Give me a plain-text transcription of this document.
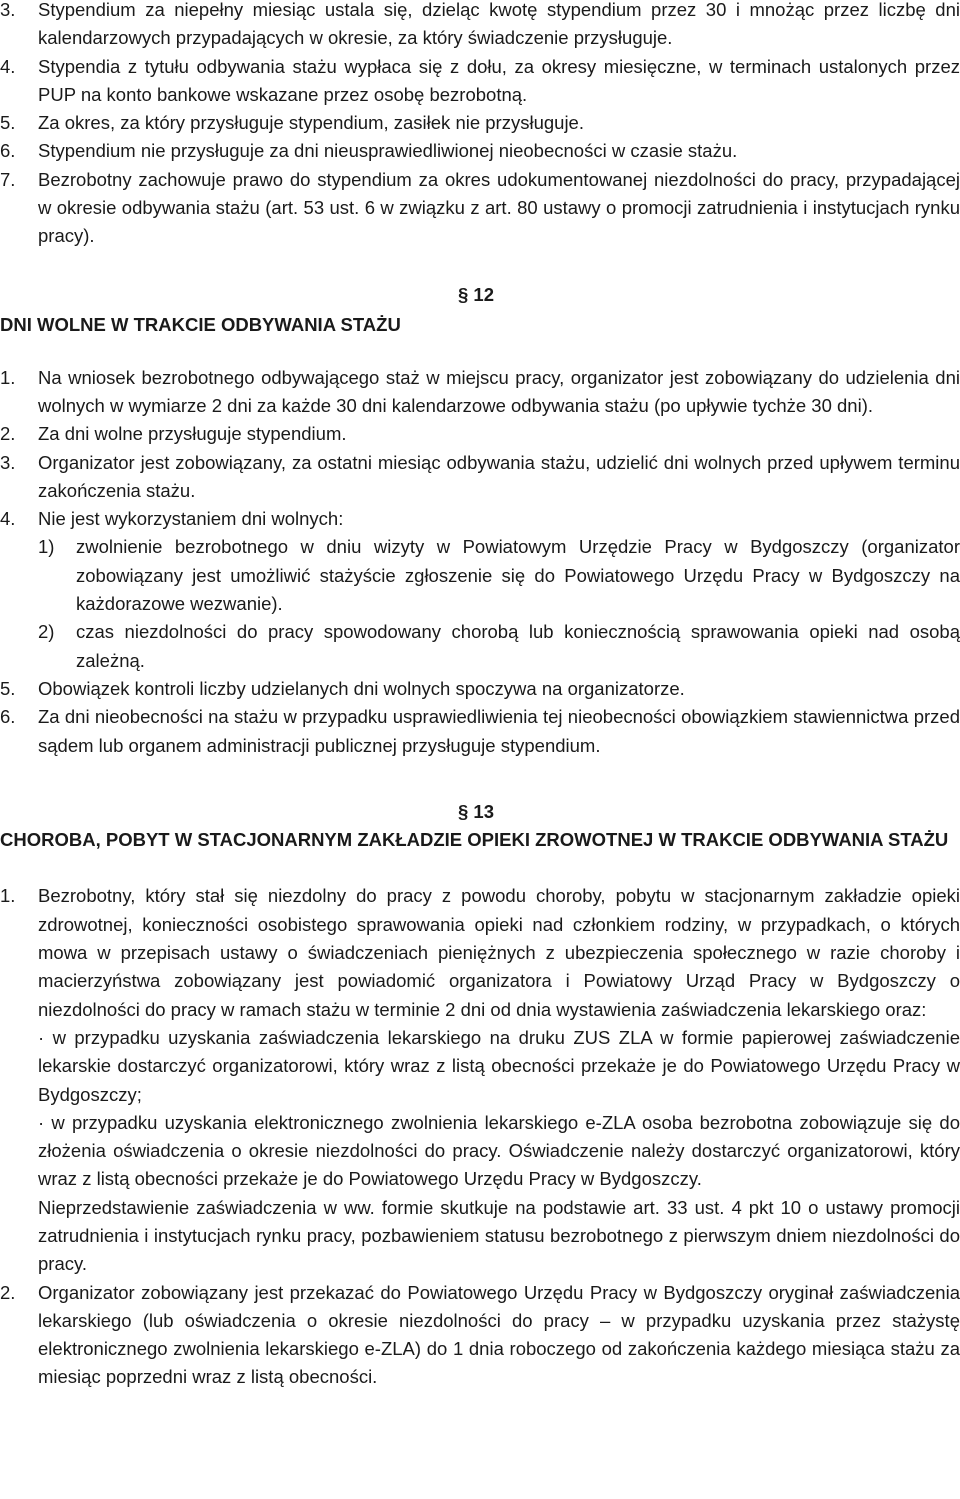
3. Stypendium za niepełny miesiąc ustala się, dzieląc kwotę stypendium przez 30 i mnożąc przez liczbę dni kalendarzowych przypadających w okresie, za który świadczenie przysługuje.
4. Stypendia z tytułu odbywania stażu wypłaca się z dołu, za okresy miesięczne, w terminach ustalonych przez PUP na konto bankowe wskazane przez osobę bezrobotną.
5. Za okres, za który przysługuje stypendium, zasiłek nie przysługuje.
6. Stypendium nie przysługuje za dni nieusprawiedliwionej nieobecności w czasie stażu.
7. Bezrobotny zachowuje prawo do stypendium za okres udokumentowanej niezdolności do pracy, przypadającej w okresie odbywania stażu (art. 53 ust. 6 w związku z art. 80 ustawy o promocji zatrudnienia i instytucjach rynku pracy).
§ 12
DNI WOLNE W TRAKCIE ODBYWANIA STAŻU
1. Na wniosek bezrobotnego odbywającego staż w miejscu pracy, organizator jest zobowiązany do udzielenia dni wolnych w wymiarze 2 dni za każde 30 dni kalendarzowe odbywania stażu (po upływie tychże 30 dni).
2. Za dni wolne przysługuje stypendium.
3. Organizator jest zobowiązany, za ostatni miesiąc odbywania stażu, udzielić dni wolnych przed upływem terminu zakończenia stażu.
4. Nie jest wykorzystaniem dni wolnych:
1) zwolnienie bezrobotnego w dniu wizyty w Powiatowym Urzędzie Pracy w Bydgoszczy (organizator zobowiązany jest umożliwić stażyście zgłoszenie się do Powiatowego Urzędu Pracy w Bydgoszczy na każdorazowe wezwanie).
2) czas niezdolności do pracy spowodowany chorobą lub koniecznością sprawowania opieki nad osobą zależną.
5. Obowiązek kontroli liczby udzielanych dni wolnych spoczywa na organizatorze.
6. Za dni nieobecności na stażu w przypadku usprawiedliwienia tej nieobecności obowiązkiem stawiennictwa przed sądem lub organem administracji publicznej przysługuje stypendium.
§ 13
CHOROBA, POBYT W STACJONARNYM ZAKŁADZIE OPIEKI ZROWOTNEJ W TRAKCIE ODBYWANIA STAŻU
1. Bezrobotny, który stał się niezdolny do pracy z powodu choroby, pobytu w stacjonarnym zakładzie opieki zdrowotnej, konieczności osobistego sprawowania opieki nad członkiem rodziny, w przypadkach, o których mowa w przepisach ustawy o świadczeniach pieniężnych z ubezpieczenia społecznego w razie choroby i macierzyństwa zobowiązany jest powiadomić organizatora i Powiatowy Urząd Pracy w Bydgoszczy o niezdolności do pracy w ramach stażu w terminie 2 dni od dnia wystawienia zaświadczenia lekarskiego oraz:
· w przypadku uzyskania zaświadczenia lekarskiego na druku ZUS ZLA w formie papierowej zaświadczenie lekarskie dostarczyć organizatorowi, który wraz z listą obecności przekaże je do Powiatowego Urzędu Pracy w Bydgoszczy;
· w przypadku uzyskania elektronicznego zwolnienia lekarskiego e-ZLA osoba bezrobotna zobowiązuje się do złożenia oświadczenia o okresie niezdolności do pracy. Oświadczenie należy dostarczyć organizatorowi, który wraz z listą obecności przekaże je do Powiatowego Urzędu Pracy w Bydgoszczy.
Nieprzedstawienie zaświadczenia w ww. formie skutkuje na podstawie art. 33 ust. 4 pkt 10 o ustawy promocji zatrudnienia i instytucjach rynku pracy, pozbawieniem statusu bezrobotnego z pierwszym dniem niezdolności do pracy.
2. Organizator zobowiązany jest przekazać do Powiatowego Urzędu Pracy w Bydgoszczy oryginał zaświadczenia lekarskiego (lub oświadczenia o okresie niezdolności do pracy – w przypadku uzyskania przez stażystę elektronicznego zwolnienia lekarskiego e-ZLA) do 1 dnia roboczego od zakończenia każdego miesiąca stażu za miesiąc poprzedni wraz z listą obecności.
